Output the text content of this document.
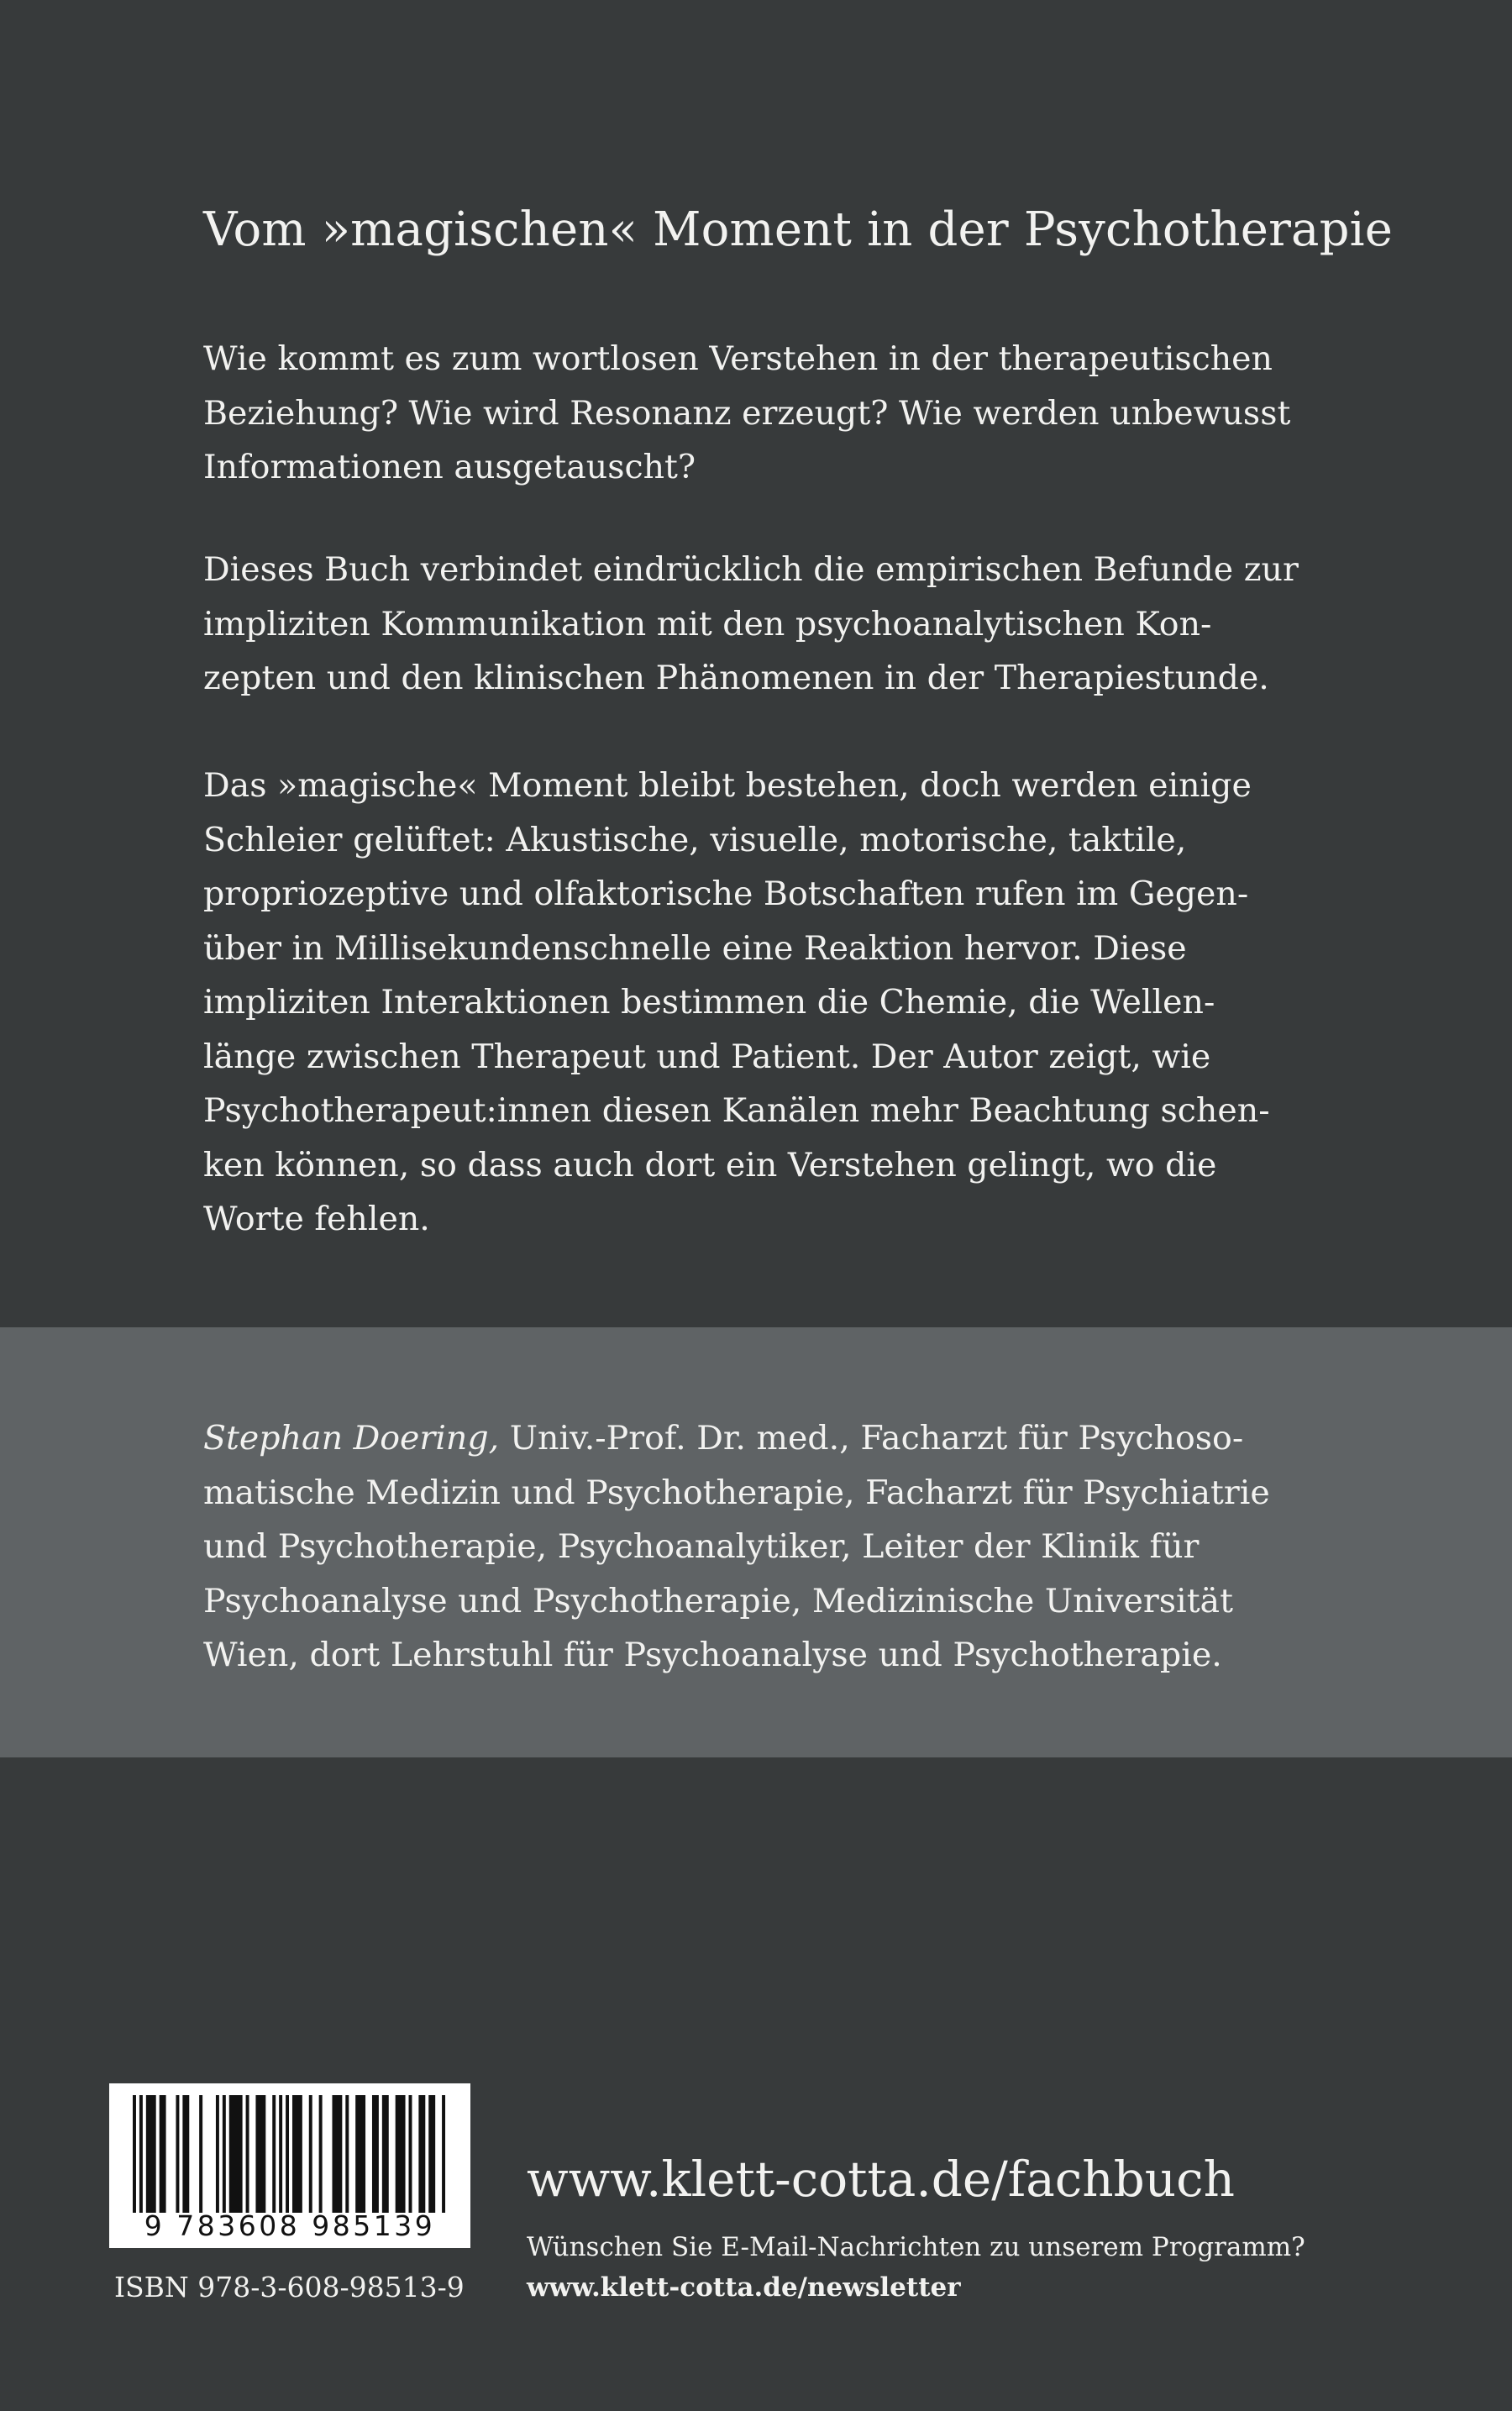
Vom »magischen« Moment in der Psychotherapie
Wie kommt es zum wortlosen Verstehen in der therapeutischen
Beziehung? Wie wird Resonanz erzeugt? Wie werden unbewusst
Informationen ausgetauscht?
Dieses Buch verbindet eindrücklich die empirischen Befunde zur
impliziten Kommunikation mit den psychoanalytischen Kon-
zepten und den klinischen Phänomenen in der Therapiestunde.
Das »magische« Moment bleibt bestehen, doch werden einige
Schleier gelüftet: Akustische, visuelle, motorische, taktile,
propriozeptive und olfaktorische Botschaften rufen im Gegen-
über in Millisekundenschnelle eine Reaktion hervor. Diese
impliziten Interaktionen bestimmen die Chemie, die Wellen-
länge zwischen Therapeut und Patient. Der Autor zeigt, wie
Psychotherapeut:innen diesen Kanälen mehr Beachtung schen-
ken können, so dass auch dort ein Verstehen gelingt, wo die
Worte fehlen.
Stephan Doering, Univ.-Prof. Dr. med., Facharzt für Psychoso-
matische Medizin und Psychotherapie, Facharzt für Psychiatrie
und Psychotherapie, Psychoanalytiker, Leiter der Klinik für
Psychoanalyse und Psychotherapie, Medizinische Universität
Wien, dort Lehrstuhl für Psychoanalyse und Psychotherapie.
9 783608 985139

ISBN 978-3-608-98513-9

www.klett-cotta.de/fachbuch

Wünschen Sie E-Mail-Nachrichten zu unserem Programm?

www.klett-cotta.de/newsletter
